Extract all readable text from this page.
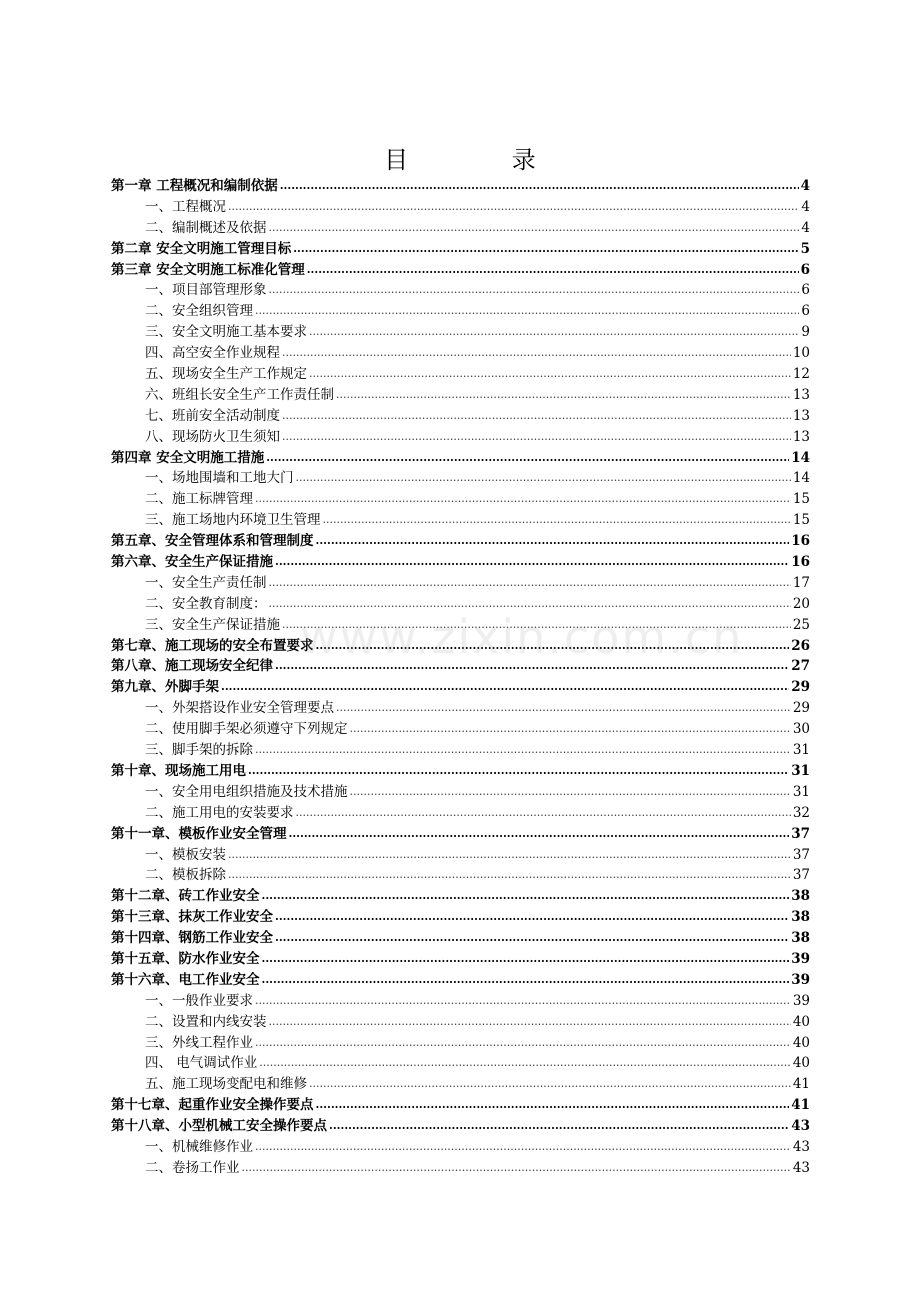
目 录
第一章 工程概况和编制依据 .....	4
一、工程概况 .....	4
二、编制概述及依据 .....	4
第二章 安全文明施工管理目标 .....	5
第三章 安全文明施工标准化管理 .....	6
一、项目部管理形象 .....	6
二、安全组织管理 .....	6
三、安全文明施工基本要求 .....	9
四、高空安全作业规程 .....	10
五、现场安全生产工作规定 .....	12
六、班组长安全生产工作责任制 .....	13
七、班前安全活动制度 .....	13
八、现场防火卫生须知 .....	13
第四章 安全文明施工措施 .....	14
一、场地围墙和工地大门 .....	14
二、施工标牌管理 .....	15
三、施工场地内环境卫生管理 .....	15
第五章、安全管理体系和管理制度 .....	16
第六章、安全生产保证措施 .....	16
一、安全生产责任制 .....	17
二、安全教育制度： .....	20
三、安全生产保证措施 .....	25
第七章、施工现场的安全布置要求 .....	26
第八章、施工现场安全纪律 .....	27
第九章、外脚手架 .....	29
一、外架搭设作业安全管理要点 .....	29
二、使用脚手架必须遵守下列规定 .....	30
三、脚手架的拆除 .....	31
第十章、现场施工用电 .....	31
一、安全用电组织措施及技术措施 .....	31
二、施工用电的安装要求 .....	32
第十一章、模板作业安全管理 .....	37
一、模板安装 .....	37
二、模板拆除 .....	37
第十二章、砖工作业安全 .....	38
第十三章、抹灰工作业安全 .....	38
第十四章、钢筋工作业安全 .....	38
第十五章、防水作业安全 .....	39
第十六章、电工作业安全 .....	39
一、一般作业要求 .....	39
二、设置和内线安装 .....	40
三、外线工程作业 .....	40
四、 电气调试作业 .....	40
五、施工现场变配电和维修 .....	41
第十七章、起重作业安全操作要点 .....	41
第十八章、小型机械工安全操作要点 .....	43
一、机械维修作业 .....	43
二、卷扬工作业 .....	43
www.zixin.com.cn
